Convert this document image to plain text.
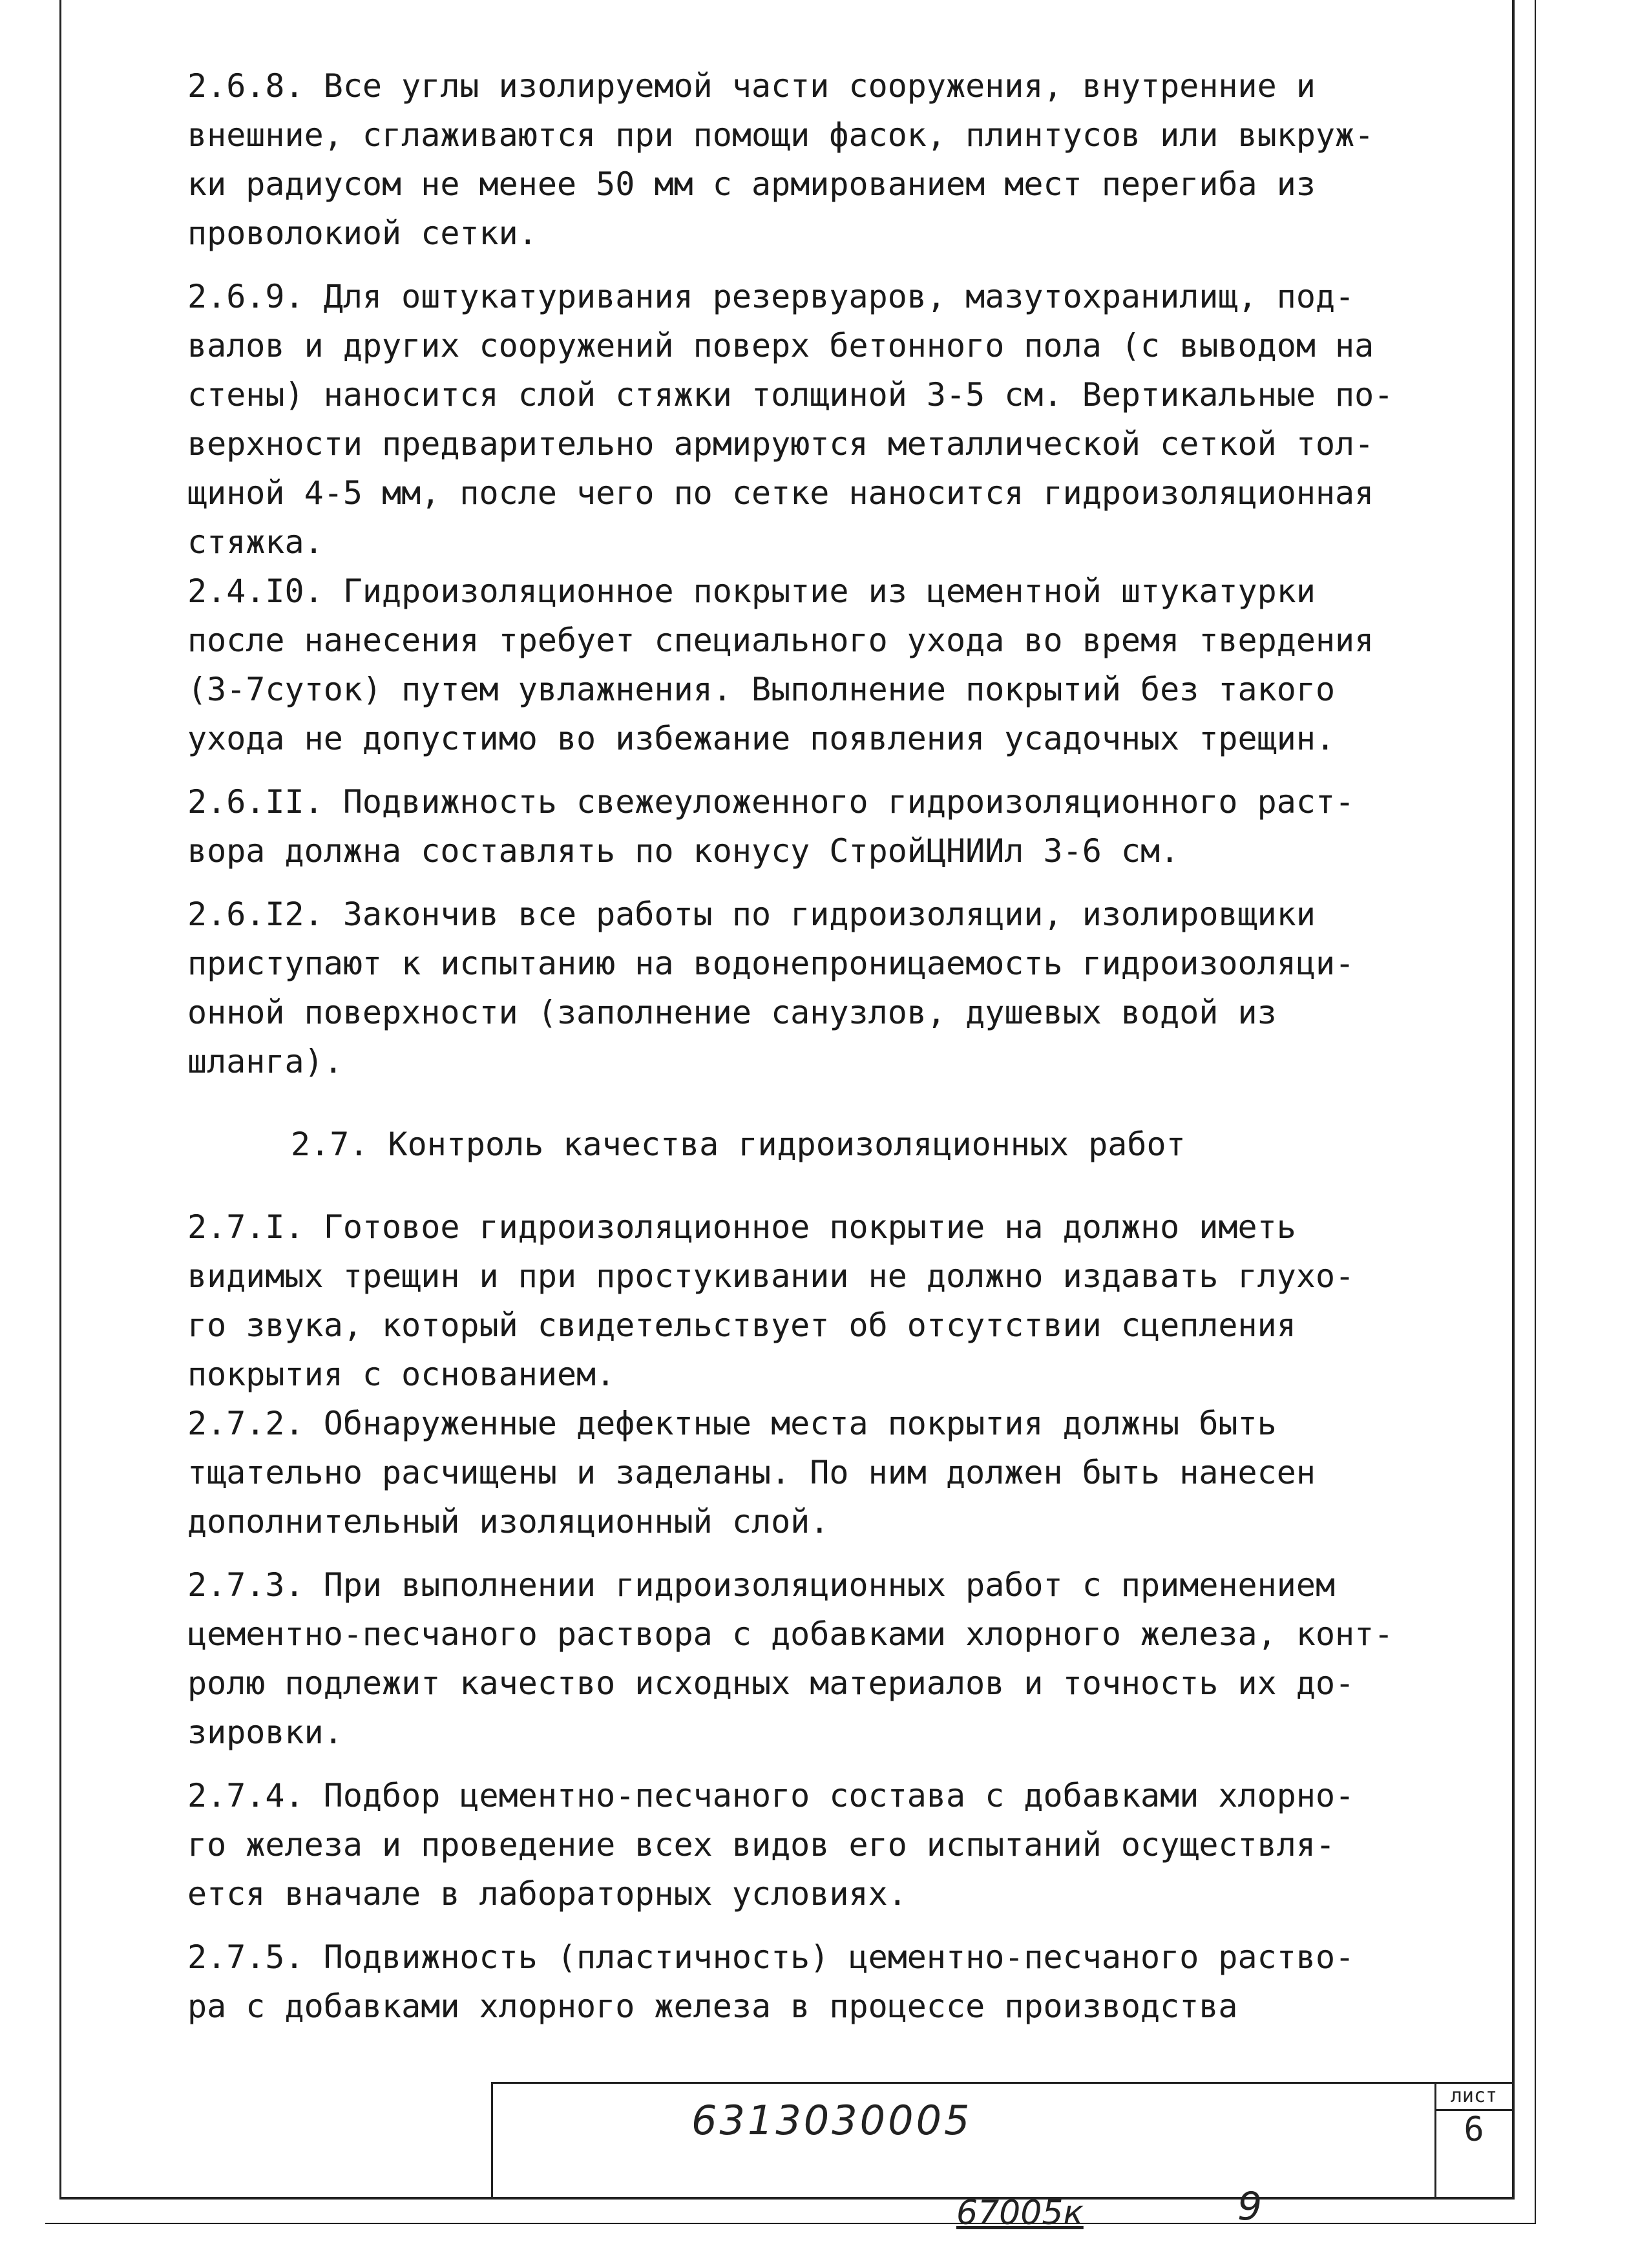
2.6.8. Все углы изолируемой части сооружения, внутренние и
внешние, сглаживаются при помощи фасок, плинтусов или выкруж-
ки радиусом не менее 50 мм с армированием мест перегиба из
проволокиой сетки.

2.6.9. Для оштукатуривания резервуаров, мазутохранилищ, под-
валов и других сооружений поверх бетонного пола (с выводом на
стены) наносится слой стяжки толщиной 3-5 см. Вертикальные по-
верхности предварительно армируются металлической сеткой тол-
щиной 4-5 мм, после чего по сетке наносится гидроизоляционная
стяжка.

2.4.I0. Гидроизоляционное покрытие из цементной штукатурки
после нанесения требует специального ухода во время твердения
(3-7суток) путем увлажнения. Выполнение покрытий без такого
ухода не допустимо во избежание появления усадочных трещин.

2.6.II. Подвижность свежеуложенного гидроизоляционного раст-
вора должна составлять по конусу СтройЦНИИл 3-6 см.

2.6.I2. Закончив все работы по гидроизоляции, изолировщики
приступают к испытанию на водонепроницаемость гидроизооляци-
онной поверхности (заполнение санузлов, душевых водой из
шланга).

2.7. Контроль качества гидроизоляционных работ

2.7.I. Готовое гидроизоляционное покрытие на должно иметь
видимых трещин и при простукивании не должно издавать глухо-
го звука, который свидетельствует об отсутствии сцепления
покрытия с основанием.

2.7.2. Обнаруженные дефектные места покрытия должны быть
тщательно расчищены и заделаны. По ним должен быть нанесен
дополнительный изоляционный слой.

2.7.3. При выполнении гидроизоляционных работ с применением
цементно-песчаного раствора с добавками хлорного железа, конт-
ролю подлежит качество исходных материалов и точность их до-
зировки.

2.7.4. Подбор цементно-песчаного состава с добавками хлорно-
го железа и проведение всех видов его испытаний осуществля-
ется вначале в лабораторных условиях.

2.7.5. Подвижность (пластичность) цементно-песчаного раство-
ра с добавками хлорного железа в процессе производства

6313030005
лист
6
67005к	9
